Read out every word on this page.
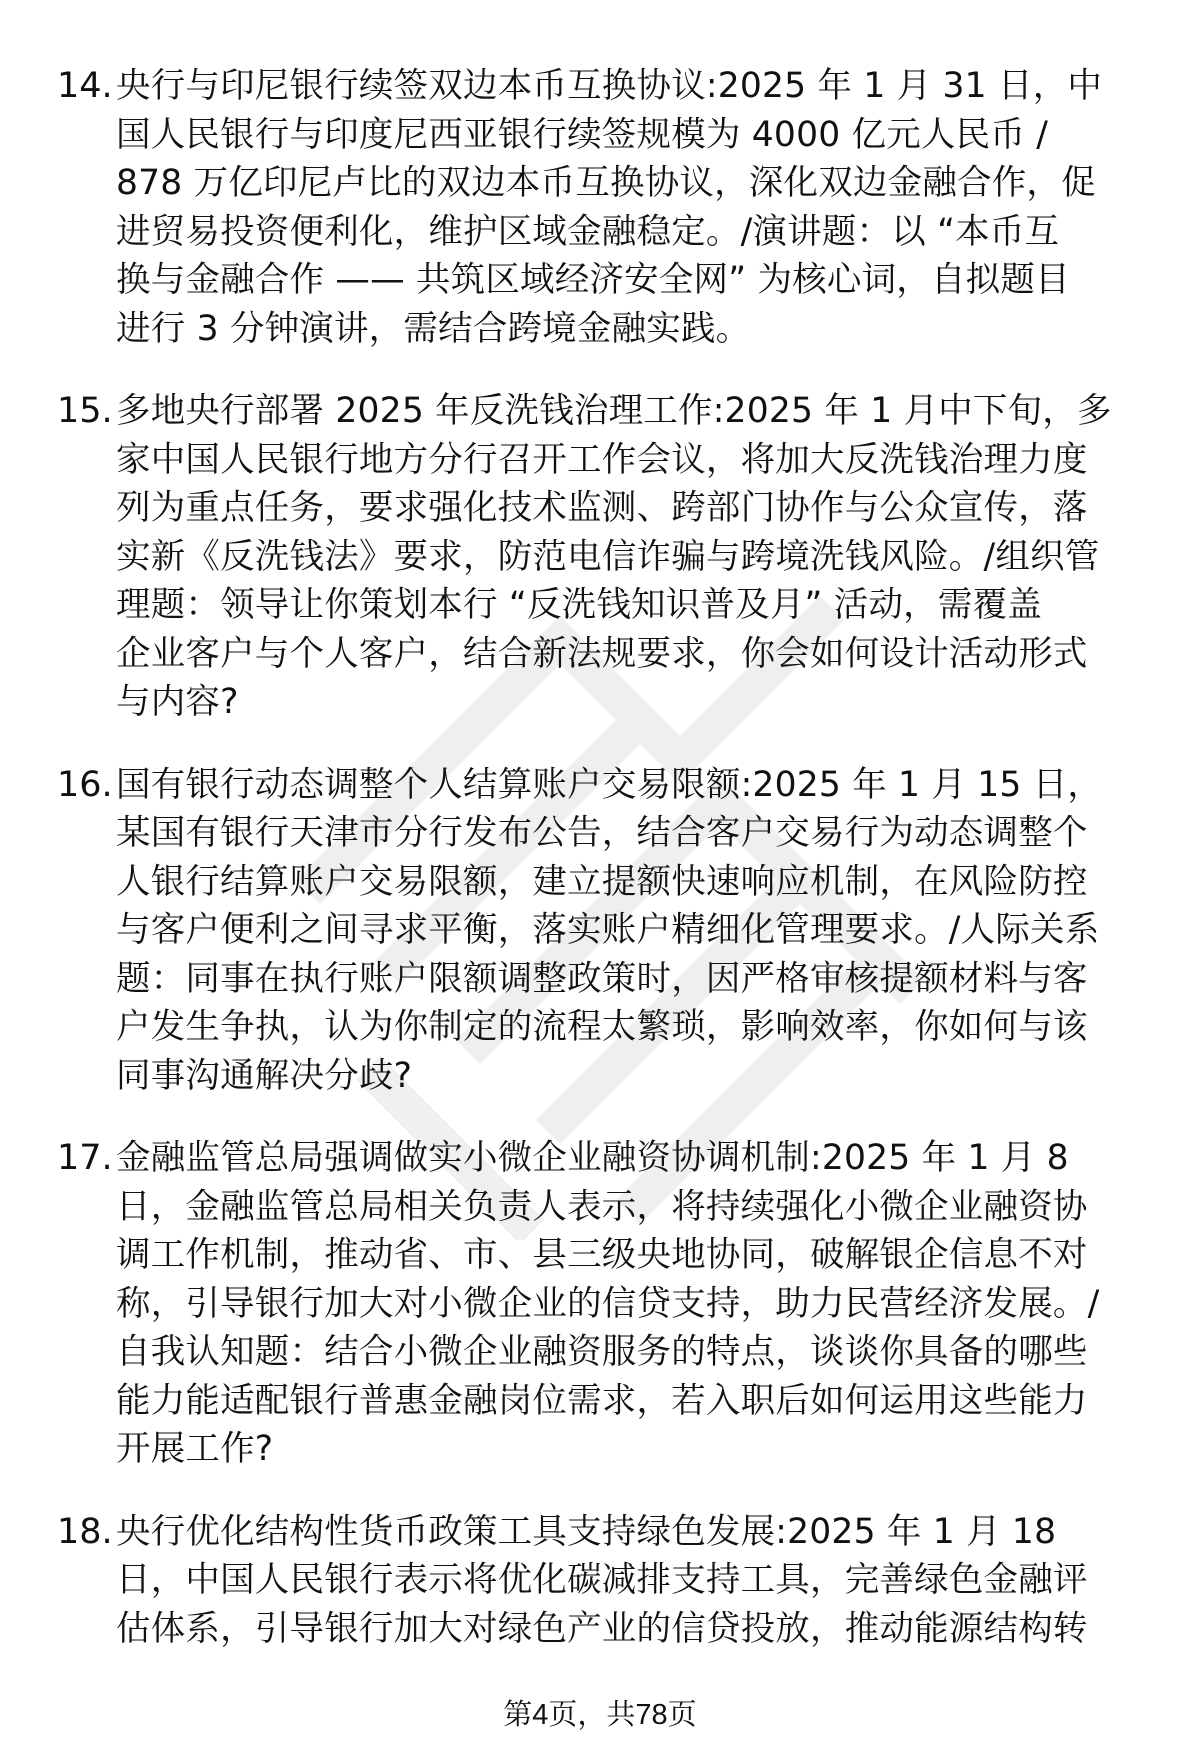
14. 央行与印尼银行续签双边本币互换协议:2025 年 1 月 31 日，中
国人民银行与印度尼西亚银行续签规模为 4000 亿元人民币 /
878 万亿印尼卢比的双边本币互换协议，深化双边金融合作，促
进贸易投资便利化，维护区域金融稳定。/演讲题：以 “本币互
换与金融合作 —— 共筑区域经济安全网” 为核心词，自拟题目
进行 3 分钟演讲，需结合跨境金融实践。
15. 多地央行部署 2025 年反洗钱治理工作:2025 年 1 月中下旬，多
家中国人民银行地方分行召开工作会议，将加大反洗钱治理力度
列为重点任务，要求强化技术监测、跨部门协作与公众宣传，落
实新《反洗钱法》要求，防范电信诈骗与跨境洗钱风险。/组织管
理题：领导让你策划本行 “反洗钱知识普及月” 活动，需覆盖
企业客户与个人客户，结合新法规要求，你会如何设计活动形式
与内容?
16. 国有银行动态调整个人结算账户交易限额:2025 年 1 月 15 日，
某国有银行天津市分行发布公告，结合客户交易行为动态调整个
人银行结算账户交易限额，建立提额快速响应机制，在风险防控
与客户便利之间寻求平衡，落实账户精细化管理要求。/人际关系
题：同事在执行账户限额调整政策时，因严格审核提额材料与客
户发生争执，认为你制定的流程太繁琐，影响效率，你如何与该
同事沟通解决分歧?
17. 金融监管总局强调做实小微企业融资协调机制:2025 年 1 月 8
日，金融监管总局相关负责人表示，将持续强化小微企业融资协
调工作机制，推动省、市、县三级央地协同，破解银企信息不对
称，引导银行加大对小微企业的信贷支持，助力民营经济发展。/
自我认知题：结合小微企业融资服务的特点，谈谈你具备的哪些
能力能适配银行普惠金融岗位需求，若入职后如何运用这些能力
开展工作?
18. 央行优化结构性货币政策工具支持绿色发展:2025 年 1 月 18
日，中国人民银行表示将优化碳减排支持工具，完善绿色金融评
估体系，引导银行加大对绿色产业的信贷投放，推动能源结构转
第4页，共78页
